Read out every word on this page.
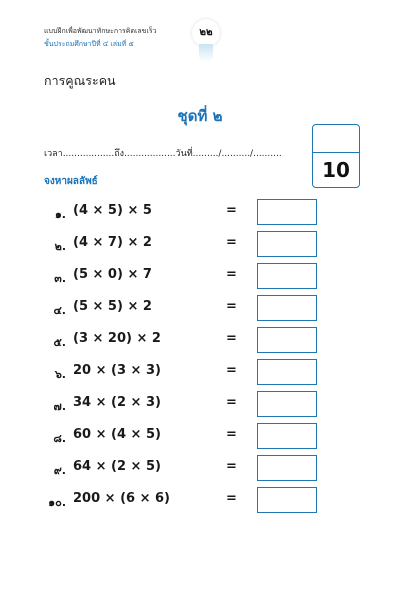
แบบฝึกเพื่อพัฒนาทักษะการคิดเลขเร็ว
ชั้นประถมศึกษาปีที่ ๔ เล่มที่ ๕
๒๒
การคูณระคน
ชุดที่ ๒
เวลา..................ถึง..................วันที่........./........../..........
10
จงหาผลลัพธ์
๑. (4 × 5) × 5	=
๒. (4 × 7) × 2	=
๓. (5 × 0) × 7	=
๔. (5 × 5) × 2	=
๕. (3 × 20) × 2	=
๖. 20 × (3 × 3)	=
๗. 34 × (2 × 3)	=
๘. 60 × (4 × 5)	=
๙. 64 × (2 × 5)	=
๑๐. 200 × (6 × 6)	=
